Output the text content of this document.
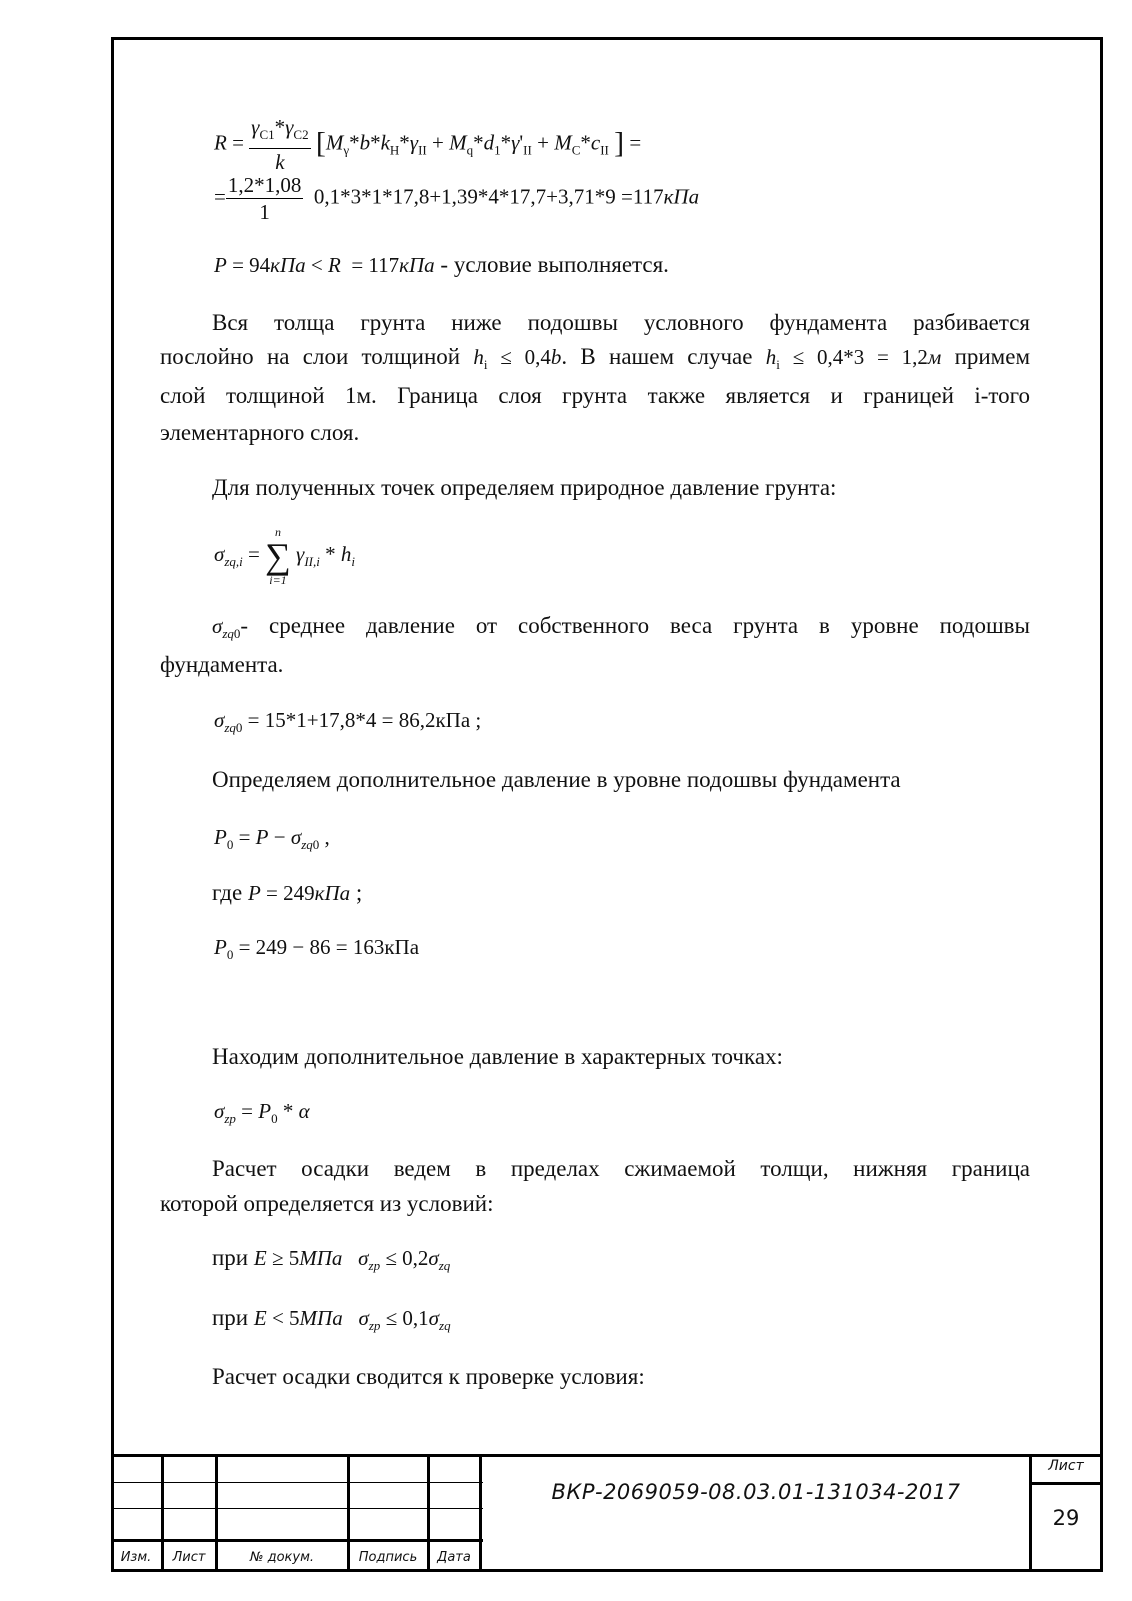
$R = \frac{\gamma_{C1}*\gamma_{C2}}{k} [M_\gamma*b*k_H*\gamma_{II} + M_q*d_1*\gamma'_{II} + M_C*c_{II}$ ] =
= $\frac{1,2*1,08}{1} 0,1*3*1*17,8+1,39*4*17,7+3,71*9 =117кПа$
P = 94кПа < R  = 117кПа - условие выполняется.
Вся толща грунта ниже подошвы условного фундамента разбивается
послойно на слои толщиной $h_i \le 0,4b$. В нашем случае $h_i \le 0,4*3 = 1,2м$ примем
слой толщиной 1м. Граница слоя грунта также является и границей i-того
элементарного слоя.
Для полученных точек определяем природное давление грунта:
$\sigma_{zq,i}$ =
n
∑
i=1
$\gamma_{II,i} * h_i$
$\sigma_{zq0}-$ среднее давление от собственного веса грунта в уровне подошвы
фундамента.
$\sigma_{zq0} = 15*1+17,8*4 = 86,2кПа$ ;
Определяем дополнительное давление в уровне подошвы фундамента
$P_0 = P - \sigma_{zq0}$ ,
где P = 249кПа ;
$P_0 = 249 - 86 = 163кПа$
Находим дополнительное давление в характерных точках:
$\sigma_{zp} = P_0 * \alpha$
Расчет осадки ведем в пределах сжимаемой толщи, нижняя граница
которой определяется из условий:
при E ≥ 5МПа $\sigma_{zp} \le 0,2\sigma_{zq}$
при E < 5МПа $\sigma_{zp} \le 0,1\sigma_{zq}$
Расчет осадки сводится к проверке условия:
Изм.	Лист	№ докум.	Подпись	Дата
ВКР-2069059-08.03.01-131034-2017
Лист
29
